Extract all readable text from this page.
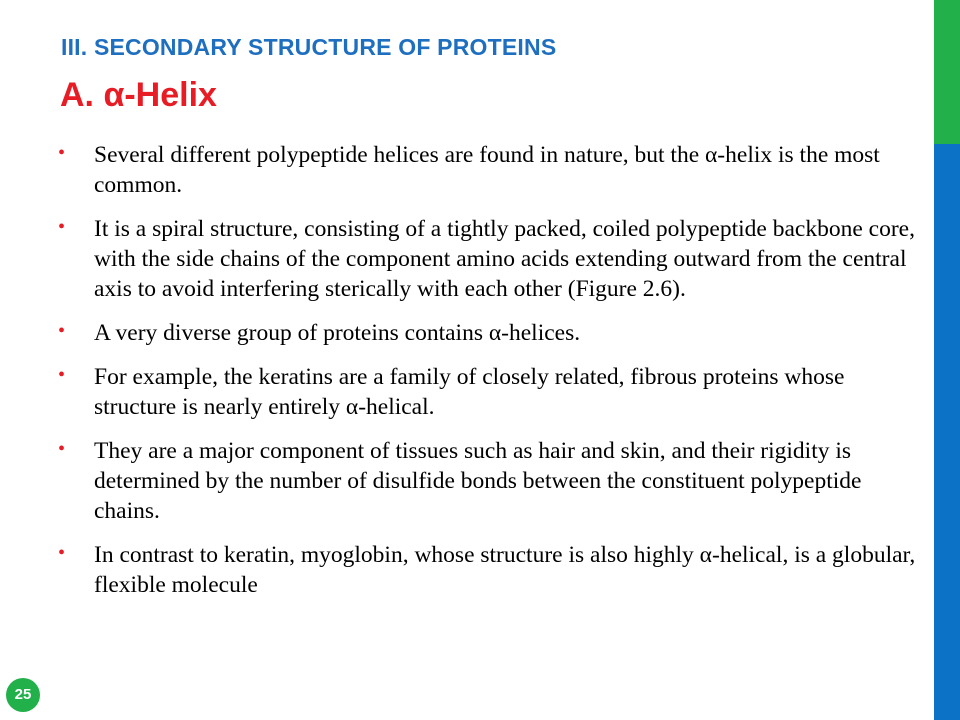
III. SECONDARY STRUCTURE OF PROTEINS
A. α-Helix
• Several different polypeptide helices are found in nature, but the α-helix is the most common.
• It is a spiral structure, consisting of a tightly packed, coiled polypeptide backbone core, with the side chains of the component amino acids extending outward from the central axis to avoid interfering sterically with each other (Figure 2.6).
• A very diverse group of proteins contains α-helices.
• For example, the keratins are a family of closely related, fibrous proteins whose structure is nearly entirely α-helical.
• They are a major component of tissues such as hair and skin, and their rigidity is determined by the number of disulfide bonds between the constituent polypeptide chains.
• In contrast to keratin, myoglobin, whose structure is also highly α-helical, is a globular, flexible molecule
25
